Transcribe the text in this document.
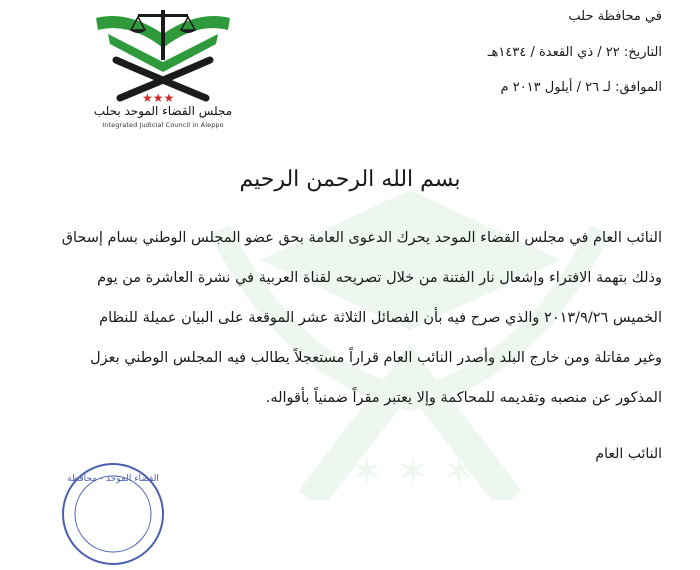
✶ ✶ ✶
★★★
مجلس القضاء الموحد بحلب
Integrated Judicial Council in Aleppo
في محافظة حلب
التاريخ: ٢٢ / ذي القعدة / ١٤٣٤هـ
الموافق: لـ ٢٦ / أيلول ٢٠١٣ م
بسم الله الرحمن الرحيم
النائب العام في مجلس القضاء الموحد يحرك الدعوى العامة بحق عضو المجلس الوطني بسام إسحاق
وذلك بتهمة الافتراء وإشعال نار الفتنة من خلال تصريحه لقناة العربية في نشرة العاشرة من يوم
الخميس ٢٠١٣/٩/٢٦ والذي صرح فيه بأن الفصائل الثلاثة عشر الموقعة على البيان عميلة للنظام
وغير مقاتلة ومن خارج البلد وأصدر النائب العام قراراً مستعجلاً يطالب فيه المجلس الوطني بعزل
المذكور عن منصبه وتقديمه للمحاكمة وإلا يعتبر مقراً ضمنياً بأقواله.
النائب العام
القضاء الموحد - محافظة
